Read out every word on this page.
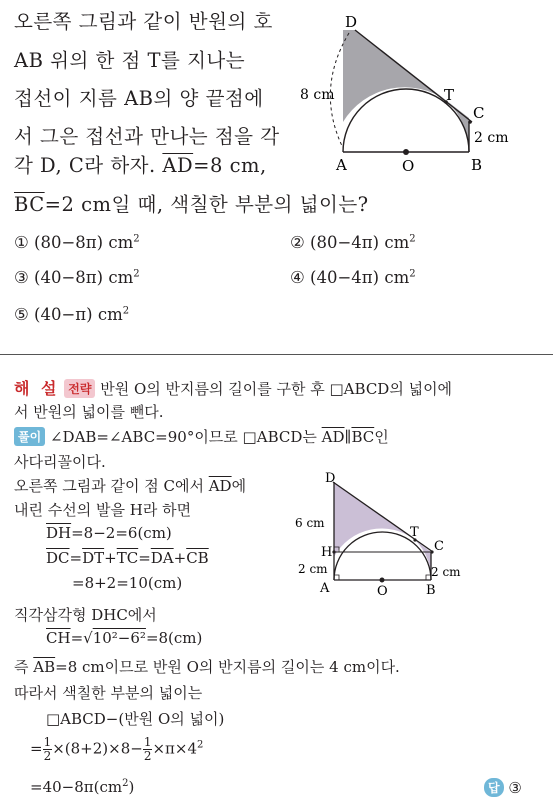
오른쪽 그림과 같이 반원의 호
AB 위의 한 점 T를 지나는
접선이 지름 AB의 양 끝점에
서 그은 접선과 만나는 점을 각
각 D, C라 하자. $\overline{AD}=8$ cm,
$\overline{BC}=2$ cm일 때, 색칠한 부분의 넓이는?
D
T
C
A	O	B
8 cm
2 cm
① (80−8π) $cm^2$	② (80−4π) $cm^2$
③ (40−8π) $cm^2$	④ (40−4π) $cm^2$
⑤ (40−π) $cm^2$
해 설 전략 반원 O의 반지름의 길이를 구한 후 □ABCD의 넓이에
서 반원의 넓이를 뺀다.
풀이 ∠DAB=∠ABC=90°이므로 □ABCD는 $\overline{AD}\parallel\overline{BC}$인
사다리꼴이다.
오른쪽 그림과 같이 점 C에서 $\overline{AD}$에
내린 수선의 발을 H라 하면
$\overline{DH}=8-2=6(cm)$
$\overline{DC}=\overline{DT}+\overline{TC}=\overline{DA}+\overline{CB}$
=8+2=10(cm)
직각삼각형 DHC에서
$\overline{CH}=√10^2-6^2=8(cm)$
즉 $\overline{AB}=8$ cm이므로 반원 O의 반지름의 길이는 4 cm이다.
따라서 색칠한 부분의 넓이는
□ABCD−(반원 O의 넓이)
= $\frac{1}{2} \times(8+2)\times 8- \frac{1}{2} \times\pi\times 4^2$
$=40-8\pi(cm^2)$	답 ③
D
T
C
H
A	O	B
6 cm
2 cm	2 cm
